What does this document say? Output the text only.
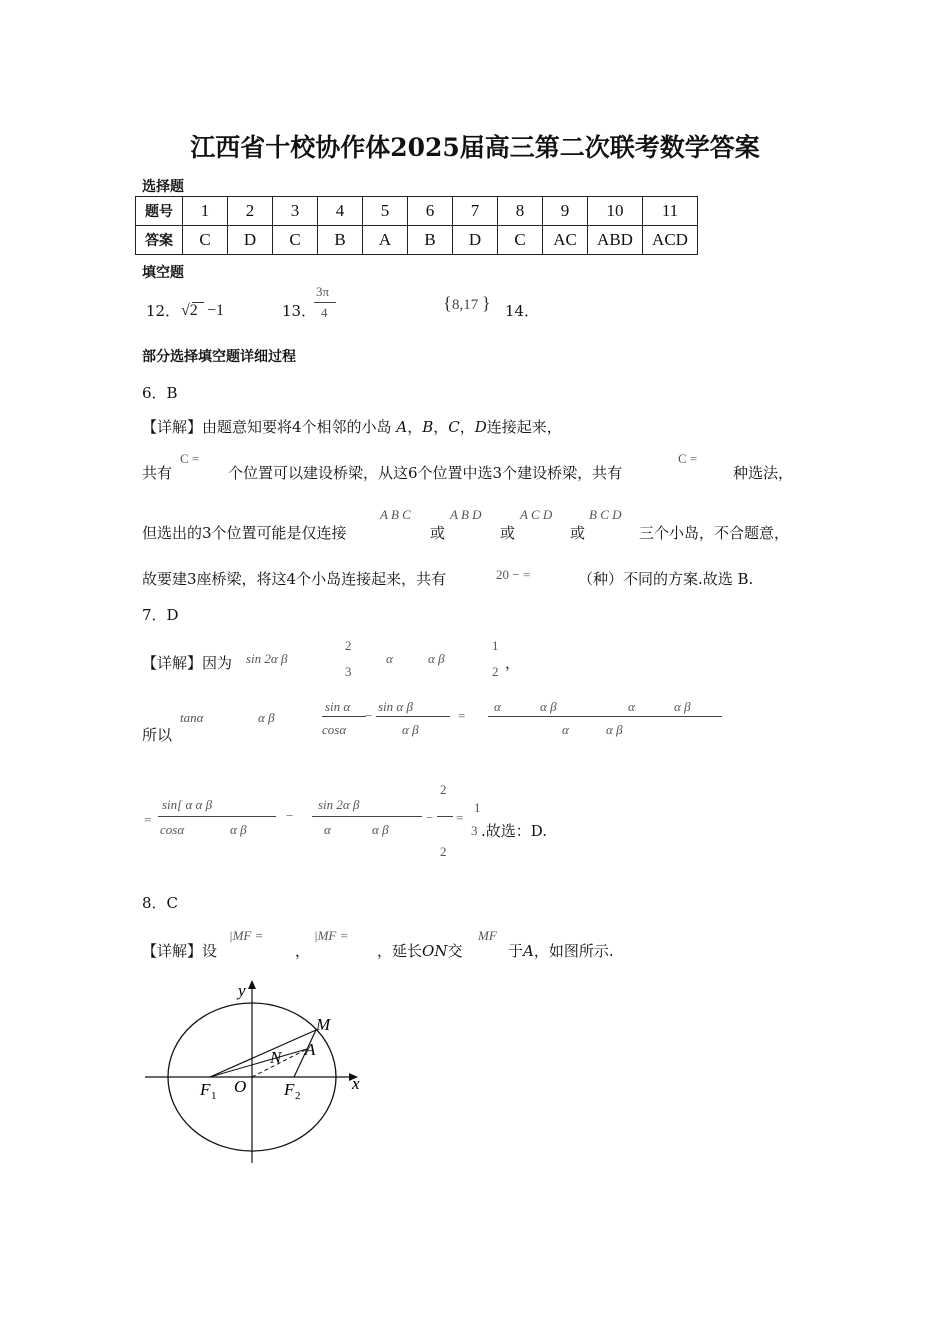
江西省十校协作体2025届高三第二次联考数学答案
选择题
题号	1	2	3	4	5	6	7	8	9	10	11
答案	C	D	C	B	A	B	D	C	AC	ABD	ACD
填空题
12． √2 −1	13．
3π
4	{ 8,17 } 14．
部分选择填空题详细过程
6．B
【详解】由题意知要将4个相邻的小岛 A，B，C，D连接起来，
共有
C =
个位置可以建设桥梁，从这6个位置中选3个建设桥梁，共有
C =
种选法，
但选出的3个位置可能是仅连接
A B C
或
A B D
或
A C D
或
B C D
三个小岛，不合题意，
故要建3座桥梁，将这4个小岛连接起来，共有	20 − =	（种）不同的方案.故选 B.
7．D
【详解】因为 sin 2α β
2
3
α	α β
1
2 ，
所以
tanα	α β
sin α
cosα
−
sin α β
α β
=
α	α β	α	α β
α	α β
=
sin[ α α β
cosα	α β
−
sin 2α β
α	α β
−
2
2
=
1
3 .故选：D.
8．C
【详解】设
|MF =
，
|MF =
，延长ON交
MF
于A，如图所示.
y
x
M
N A
O
F 1	F 2
